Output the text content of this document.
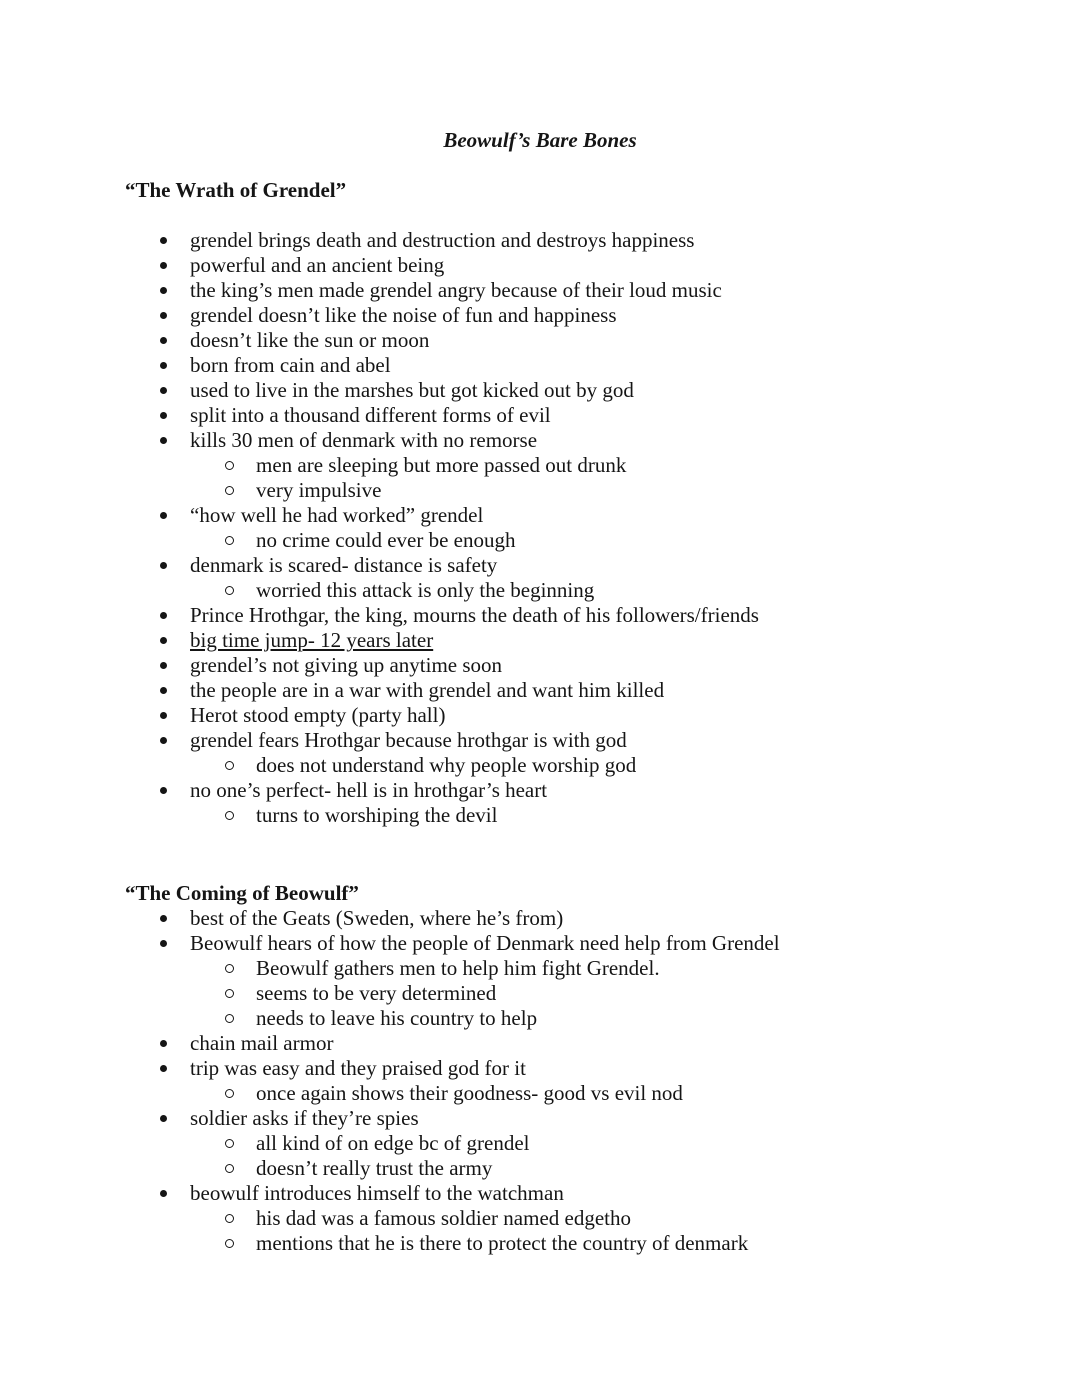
Beowulf’s Bare Bones
“The Wrath of Grendel”
grendel brings death and destruction and destroys happiness
powerful and an ancient being
the king’s men made grendel angry because of their loud music
grendel doesn’t like the noise of fun and happiness
doesn’t like the sun or moon
born from cain and abel
used to live in the marshes but got kicked out by god
split into a thousand different forms of evil
kills 30 men of denmark with no remorse
men are sleeping but more passed out drunk
very impulsive
“how well he had worked” grendel
no crime could ever be enough
denmark is scared- distance is safety
worried this attack is only the beginning
Prince Hrothgar, the king, mourns the death of his followers/friends
big time jump- 12 years later
grendel’s not giving up anytime soon
the people are in a war with grendel and want him killed
Herot stood empty (party hall)
grendel fears Hrothgar because hrothgar is with god
does not understand why people worship god
no one’s perfect- hell is in hrothgar’s heart
turns to worshiping the devil
“The Coming of Beowulf”
best of the Geats (Sweden, where he’s from)
Beowulf hears of how the people of Denmark need help from Grendel
Beowulf gathers men to help him fight Grendel.
seems to be very determined
needs to leave his country to help
chain mail armor
trip was easy and they praised god for it
once again shows their goodness- good vs evil nod
soldier asks if they’re spies
all kind of on edge bc of grendel
doesn’t really trust the army
beowulf introduces himself to the watchman
his dad was a famous soldier named edgetho
mentions that he is there to protect the country of denmark
